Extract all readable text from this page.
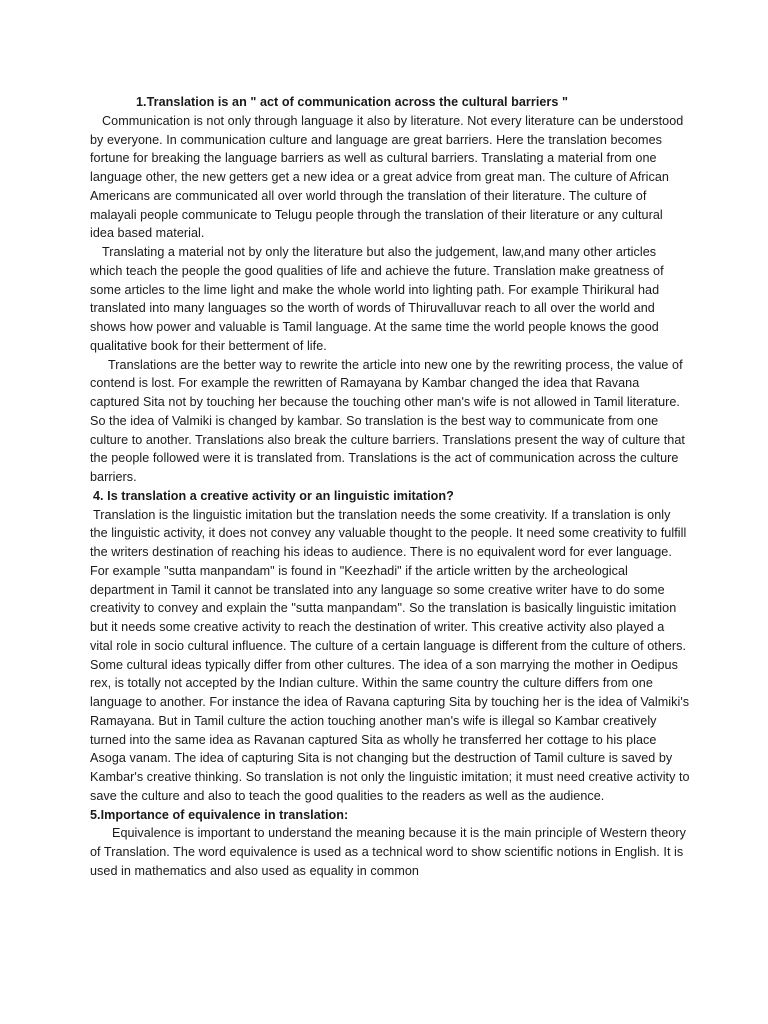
1.Translation is an " act of communication across the cultural barriers "

Communication is not only through language it also by literature. Not every literature can be understood by everyone. In communication culture and language are great barriers. Here the translation becomes fortune for breaking the language barriers as well as cultural barriers. Translating a material from one language other, the new getters get a new idea or a great advice from great man. The culture of African Americans are communicated all over world through the translation of their literature. The culture of malayali people communicate to Telugu people through the translation of their literature or any cultural idea based material.

Translating a material not by only the literature but also the judgement, law,and many other articles which teach the people the good qualities of life and achieve the future. Translation make greatness of some articles to the lime light and make the whole world into lighting path. For example Thirikural had translated into many languages so the worth of words of Thiruvalluvar reach to all over the world and shows how power and valuable is Tamil language. At the same time the world people knows the good qualitative book for their betterment of life.

Translations are the better way to rewrite the article into new one by the rewriting process, the value of contend is lost. For example the rewritten of Ramayana by Kambar changed the idea that Ravana captured Sita not by touching her because the touching other man's wife is not allowed in Tamil literature. So the idea of Valmiki is changed by kambar. So translation is the best way to communicate from one culture to another. Translations also break the culture barriers. Translations present the way of culture that the people followed were it is translated from. Translations is the act of communication across the culture barriers.

4. Is translation a creative activity or an linguistic imitation?

Translation is the linguistic imitation but the translation needs the some creativity. If a translation is only the linguistic activity, it does not convey any valuable thought to the people. It need some creativity to fulfill the writers destination of reaching his ideas to audience. There is no equivalent word for ever language. For example "sutta manpandam" is found in "Keezhadi" if the article written by the archeological department in Tamil it cannot be translated into any language so some creative writer have to do some creativity to convey and explain the "sutta manpandam". So the translation is basically linguistic imitation but it needs some creative activity to reach the destination of writer. This creative activity also played a vital role in socio cultural influence. The culture of a certain language is different from the culture of others. Some cultural ideas typically differ from other cultures. The idea of a son marrying the mother in Oedipus rex, is totally not accepted by the Indian culture. Within the same country the culture differs from one language to another. For instance the idea of Ravana capturing Sita by touching her is the idea of Valmiki's Ramayana. But in Tamil culture the action touching another man's wife is illegal so Kambar creatively turned into the same idea as Ravanan captured Sita as wholly he transferred her cottage to his place Asoga vanam. The idea of capturing Sita is not changing but the destruction of Tamil culture is saved by Kambar's creative thinking. So translation is not only the linguistic imitation; it must need creative activity to save the culture and also to teach the good qualities to the readers as well as the audience.

5.Importance of equivalence in translation:

Equivalence is important to understand the meaning because it is the main principle of Western theory of Translation. The word equivalence is used as a technical word to show scientific notions in English. It is used in mathematics and also used as equality in common
